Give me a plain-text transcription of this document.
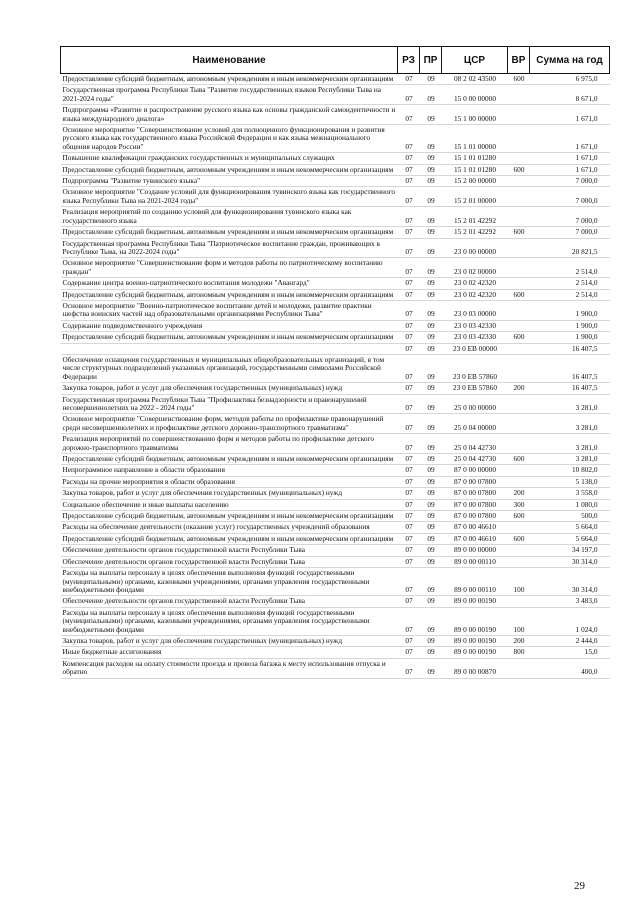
Наименование	РЗ	ПР	ЦСР	ВР	Сумма на год
Предоставление субсидий бюджетным, автономным учреждениям и иным некоммерческим организациям	07	09	08 2 02 43500	600	6 975,0
Государственная программа Республики Тыва "Развитие государственных языков Республики Тыва на 2021-2024 годы"	07	09	15 0 00 00000		8 671,0
Подпрограмма «Развитие и распространение русского языка как основы гражданской самоидентичности и языка международного диалога»	07	09	15 1 00 00000		1 671,0
Основное мероприятие "Совершенствование условий для полноценного функционирования и развития русского языка как государственного языка Российской Федерации и как языка межнационального общения народов России"	07	09	15 1 01 00000		1 671,0
Повышение квалификации гражданских государственных и муниципальных служащих	07	09	15 1 01 01280		1 671,0
Предоставление субсидий бюджетным, автономным учреждениям и иным некоммерческим организациям	07	09	15 1 01 01280	600	1 671,0
Подпрограмма "Развитие тувинского языка"	07	09	15 2 00 00000		7 000,0
Основное мероприятие "Создание условий для функционирования тувинского языка как государственного языка Республики Тыва на 2021-2024 годы"	07	09	15 2 01 00000		7 000,0
Реализация мероприятий по созданию условий для функционирования тувинского языка как государственного языка	07	09	15 2 01 42292		7 000,0
Предоставление субсидий бюджетным, автономным учреждениям и иным некоммерческим организациям	07	09	15 2 01 42292	600	7 000,0
Государственная программа Республики Тыва "Патриотическое воспитание граждан, проживающих в Республике Тыва, на 2022-2024 годы"	07	09	23 0 00 00000		20 821,5
Основное мероприятие "Совершенствование форм и методов работы по патриотическому воспитанию граждан"	07	09	23 0 02 00000		2 514,0
Содержание центра военно-патриотического воспитания молодежи "Авангард"	07	09	23 0 02 42320		2 514,0
Предоставление субсидий бюджетным, автономным учреждениям и иным некоммерческим организациям	07	09	23 0 02 42320	600	2 514,0
Основное мероприятие "Военно-патриотическое воспитание детей и молодежи, развитие практики шефства воинских частей над образовательными организациями Республики Тыва"	07	09	23 0 03 00000		1 900,0
Содержание подведомственного учреждения	07	09	23 0 03 42330		1 900,0
Предоставление субсидий бюджетным, автономным учреждениям и иным некоммерческим организациям	07	09	23 0 03 42330	600	1 900,0
	07	09	23 0 EB 00000		16 407,5
Обеспечение оснащения государственных и муниципальных общеобразовательных организаций, в том числе структурных подразделений указанных организаций, государственными символами Российской Федерации	07	09	23 0 EB 57860		16 407,5
Закупка товаров, работ и услуг для обеспечения государственных (муниципальных) нужд	07	09	23 0 EB 57860	200	16 407,5
Государственная программа Республики Тыва "Профилактика безнадзорности и правонарушений несовершеннолетних на 2022 - 2024 годы"	07	09	25 0 00 00000		3 281,0
Основное мероприятие "Совершенствование форм, методов работы по профилактике правонарушений среди несовершеннолетних и профилактике детского дорожно-транспортного травматизма"	07	09	25 0 04 00000		3 281,0
Реализация мероприятий по совершенствованию форм и методов работы по профилактике детского дорожно-транспортного травматизма	07	09	25 0 04 42730		3 281,0
Предоставление субсидий бюджетным, автономным учреждениям и иным некоммерческим организациям	07	09	25 0 04 42730	600	3 281,0
Непрограммное направление в области образования	07	09	87 0 00 00000		10 802,0
Расходы на прочие мероприятия в области образования	07	09	87 0 00 07800		5 138,0
Закупка товаров, работ и услуг для обеспечения государственных (муниципальных) нужд	07	09	87 0 00 07800	200	3 558,0
Социальное обеспечение и иные выплаты населению	07	09	87 0 00 07800	300	1 080,0
Предоставление субсидий бюджетным, автономным учреждениям и иным некоммерческим организациям	07	09	87 0 00 07800	600	500,0
Расходы на обеспечение деятельности (оказание услуг) государственных учреждений образования	07	09	87 0 00 46610		5 664,0
Предоставление субсидий бюджетным, автономным учреждениям и иным некоммерческим организациям	07	09	87 0 00 46610	600	5 664,0
Обеспечение деятельности органов государственной власти Республики Тыва	07	09	89 0 00 00000		34 197,0
Обеспечение деятельности органов государственной власти Республики Тыва	07	09	89 0 00 00110		30 314,0
Расходы на выплаты персоналу в целях обеспечения выполнения функций государственными (муниципальными) органами, казенными учреждениями, органами управления государственными внебюджетными фондами	07	09	89 0 00 00110	100	30 314,0
Обеспечение деятельности органов государственной власти Республики Тыва	07	09	89 0 00 00190		3 483,0
Расходы на выплаты персоналу в целях обеспечения выполнения функций государственными (муниципальными) органами, казенными учреждениями, органами управления государственными внебюджетными фондами	07	09	89 0 00 00190	100	1 024,0
Закупка товаров, работ и услуг для обеспечения государственных (муниципальных) нужд	07	09	89 0 00 00190	200	2 444,0
Иные бюджетные ассигнования	07	09	89 0 00 00190	800	15,0
Компенсация расходов на оплату стоимости проезда и провоза багажа к месту использования отпуска и обратно	07	09	89 0 00 00870		400,0
29
